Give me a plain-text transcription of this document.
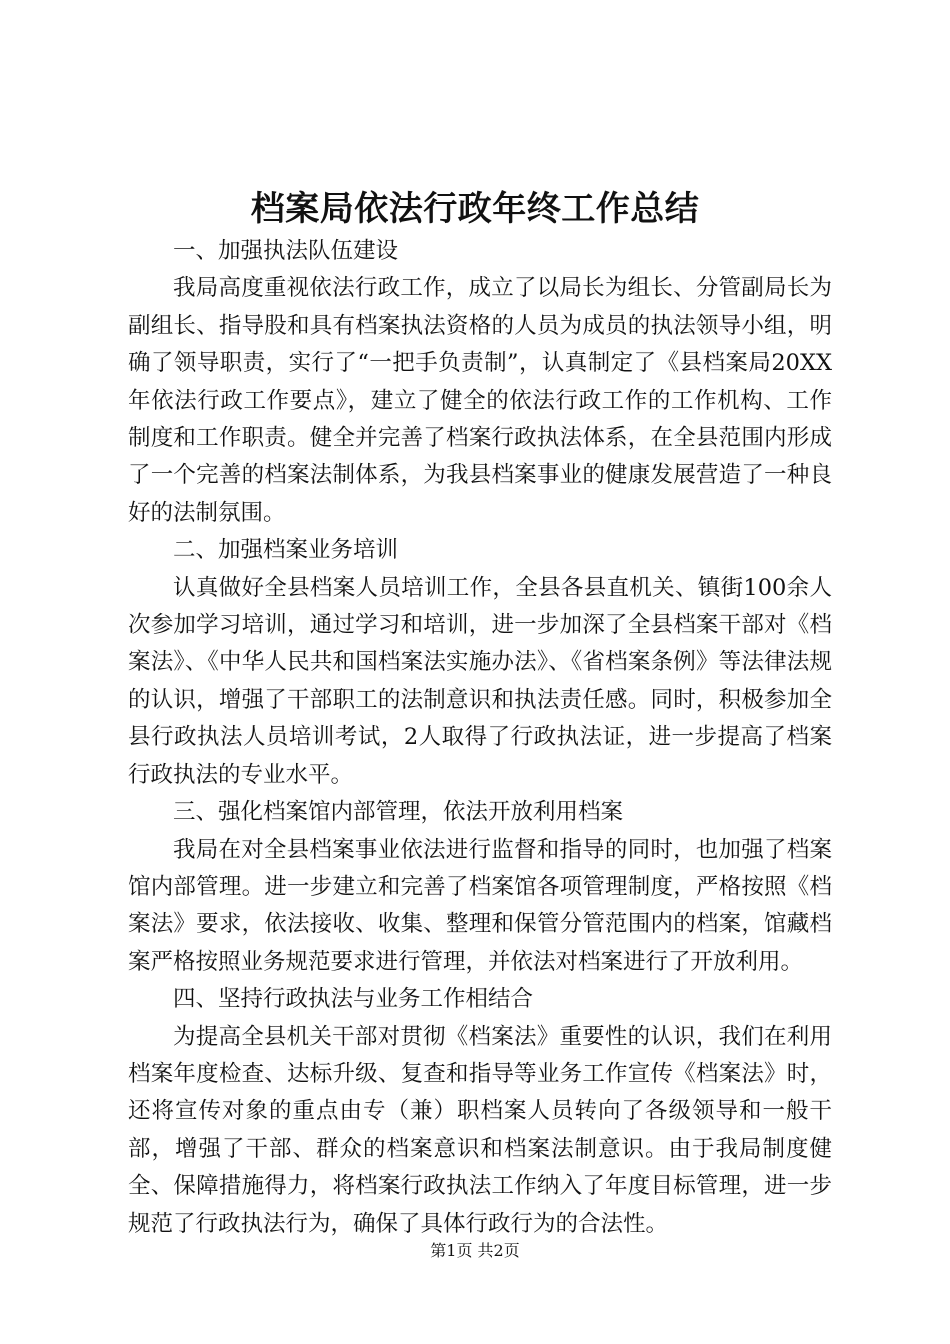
档案局依法行政年终工作总结

一、加强执法队伍建设

我局高度重视依法行政工作，成立了以局长为组长、分管副局长为副组长、指导股和具有档案执法资格的人员为成员的执法领导小组，明确了领导职责，实行了“一把手负责制”，认真制定了《县档案局20XX年依法行政工作要点》，建立了健全的依法行政工作的工作机构、工作制度和工作职责。健全并完善了档案行政执法体系，在全县范围内形成了一个完善的档案法制体系，为我县档案事业的健康发展营造了一种良好的法制氛围。

二、加强档案业务培训

认真做好全县档案人员培训工作，全县各县直机关、镇街100余人次参加学习培训，通过学习和培训，进一步加深了全县档案干部对《档案法》、《中华人民共和国档案法实施办法》、《省档案条例》等法律法规的认识，增强了干部职工的法制意识和执法责任感。同时，积极参加全县行政执法人员培训考试，2人取得了行政执法证，进一步提高了档案行政执法的专业水平。

三、强化档案馆内部管理，依法开放利用档案

我局在对全县档案事业依法进行监督和指导的同时，也加强了档案馆内部管理。进一步建立和完善了档案馆各项管理制度，严格按照《档案法》要求，依法接收、收集、整理和保管分管范围内的档案，馆藏档案严格按照业务规范要求进行管理，并依法对档案进行了开放利用。

四、坚持行政执法与业务工作相结合

为提高全县机关干部对贯彻《档案法》重要性的认识，我们在利用档案年度检查、达标升级、复查和指导等业务工作宣传《档案法》时，还将宣传对象的重点由专（兼）职档案人员转向了各级领导和一般干部，增强了干部、群众的档案意识和档案法制意识。由于我局制度健全、保障措施得力，将档案行政执法工作纳入了年度目标管理，进一步规范了行政执法行为，确保了具体行政行为的合法性。

第1页 共2页
